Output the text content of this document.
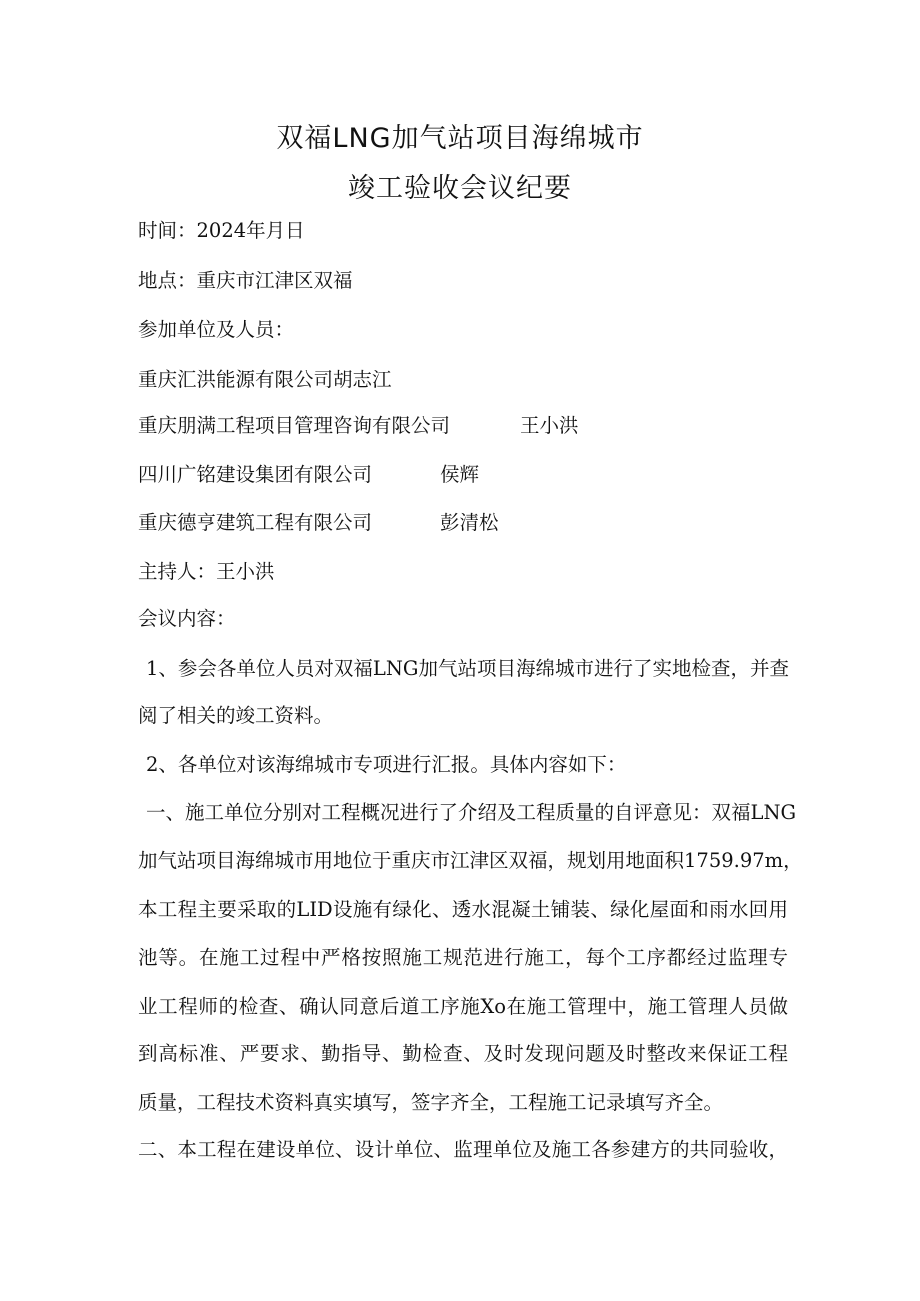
双福LNG加气站项目海绵城市
竣工验收会议纪要
时间：2024年月日
地点：重庆市江津区双福
参加单位及人员：
重庆汇洪能源有限公司胡志江
重庆朋满工程项目管理咨询有限公司	王小洪
四川广铭建设集团有限公司	侯辉
重庆德亨建筑工程有限公司	彭清松
主持人：王小洪
会议内容：
1、参会各单位人员对双福LNG加气站项目海绵城市进行了实地检查，并查
阅了相关的竣工资料。
2、各单位对该海绵城市专项进行汇报。具体内容如下：
一、施工单位分别对工程概况进行了介绍及工程质量的自评意见：双福LNG
加气站项目海绵城市用地位于重庆市江津区双福，规划用地面积1759.97m，
本工程主要采取的LID设施有绿化、透水混凝土铺装、绿化屋面和雨水回用
池等。在施工过程中严格按照施工规范进行施工，每个工序都经过监理专
业工程师的检查、确认同意后道工序施Xo在施工管理中，施工管理人员做
到高标准、严要求、勤指导、勤检查、及时发现问题及时整改来保证工程
质量，工程技术资料真实填写，签字齐全，工程施工记录填写齐全。
二、本工程在建设单位、设计单位、监理单位及施工各参建方的共同验收，
